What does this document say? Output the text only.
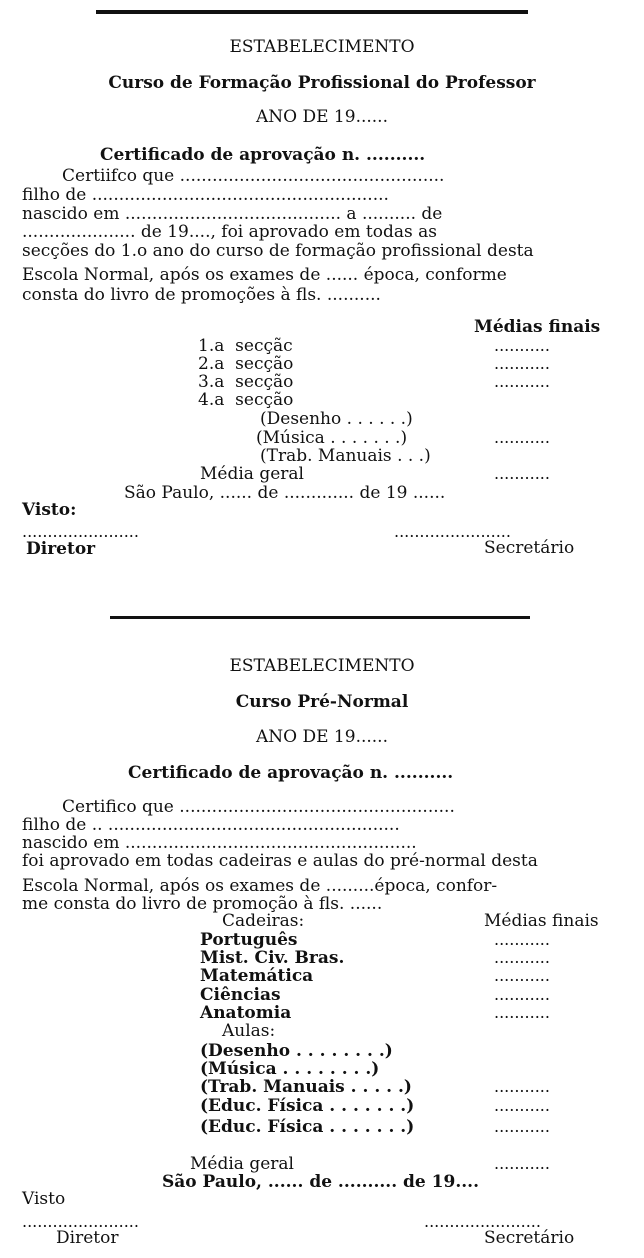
ESTABELECIMENTO
Curso de Formação Profissional do Professor
ANO DE 19......
Certificado de aprovação n. ..........
Certiifco que .................................................
filho de .......................................................
nascido em ........................................ a .......... de
..................... de 19...., foi aprovado em todas as
secções do 1.o ano do curso de formação profissional desta
Escola Normal, após os exames de ...... época, conforme
consta do livro de promoções à fls. ..........
Médias finais
1.a  secçãc	...........
2.a  secção	...........
3.a  secção	...........
4.a  secção
(Desenho . . . . . .)
(Música . . . . . . .)	...........
(Trab. Manuais . . .)
Média geral	...........
São Paulo, ...... de ............. de 19 ......
Visto:
.......................	.......................
Diretor	Secretário
ESTABELECIMENTO
Curso Pré-Normal
ANO DE 19......
Certificado de aprovação n. ..........
Certifico que ...................................................
filho de .. ......................................................
nascido em ......................................................
foi aprovado em todas cadeiras e aulas do pré-normal desta
Escola Normal, após os exames de .........época, confor-
me consta do livro de promoção à fls. ......
Cadeiras:	Médias finais
Português	...........
Mist. Civ. Bras.	...........
Matemática	...........
Ciências	...........
Anatomia	...........
Aulas:
(Desenho . . . . . . . .)
(Música . . . . . . . .)
(Trab. Manuais . . . . .)	...........
(Educ. Física . . . . . . .)	...........
(Educ. Física . . . . . . .)	...........
Média geral	...........
São Paulo, ...... de .......... de 19....
Visto
.......................	.......................
Diretor	Secretário
